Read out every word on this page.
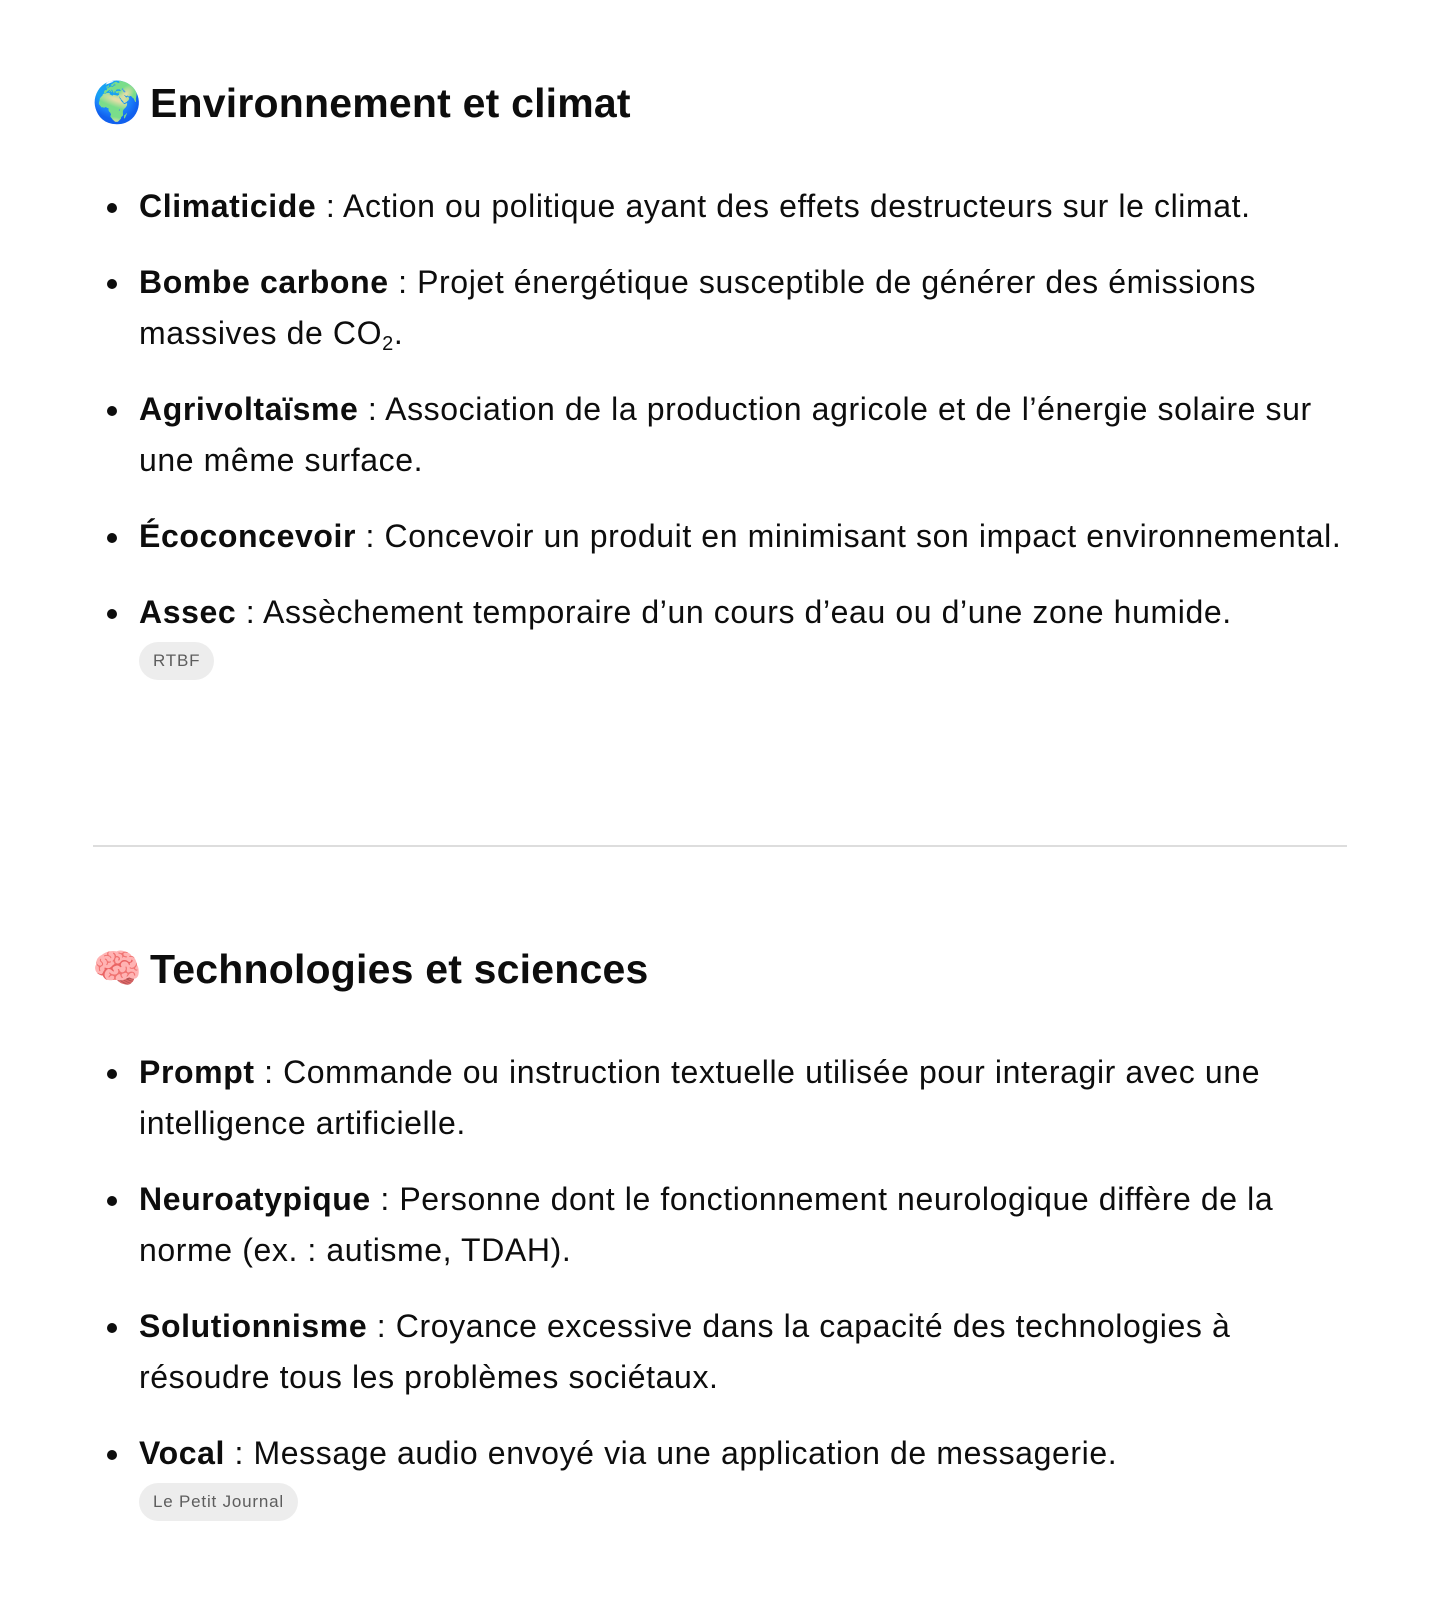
🌍 Environnement et climat
Climaticide : Action ou politique ayant des effets destructeurs sur le climat.
Bombe carbone : Projet énergétique susceptible de générer des émissions massives de $CO_2$.
Agrivoltaïsme : Association de la production agricole et de l’énergie solaire sur une même surface.
Écoconcevoir : Concevoir un produit en minimisant son impact environnemental.
Assec : Assèchement temporaire d’un cours d’eau ou d’une zone humide.
RTBF
🧠 Technologies et sciences
Prompt : Commande ou instruction textuelle utilisée pour interagir avec une intelligence artificielle.
Neuroatypique : Personne dont le fonctionnement neurologique diffère de la norme (ex. : autisme, TDAH).
Solutionnisme : Croyance excessive dans la capacité des technologies à résoudre tous les problèmes sociétaux.
Vocal : Message audio envoyé via une application de messagerie.
Le Petit Journal
